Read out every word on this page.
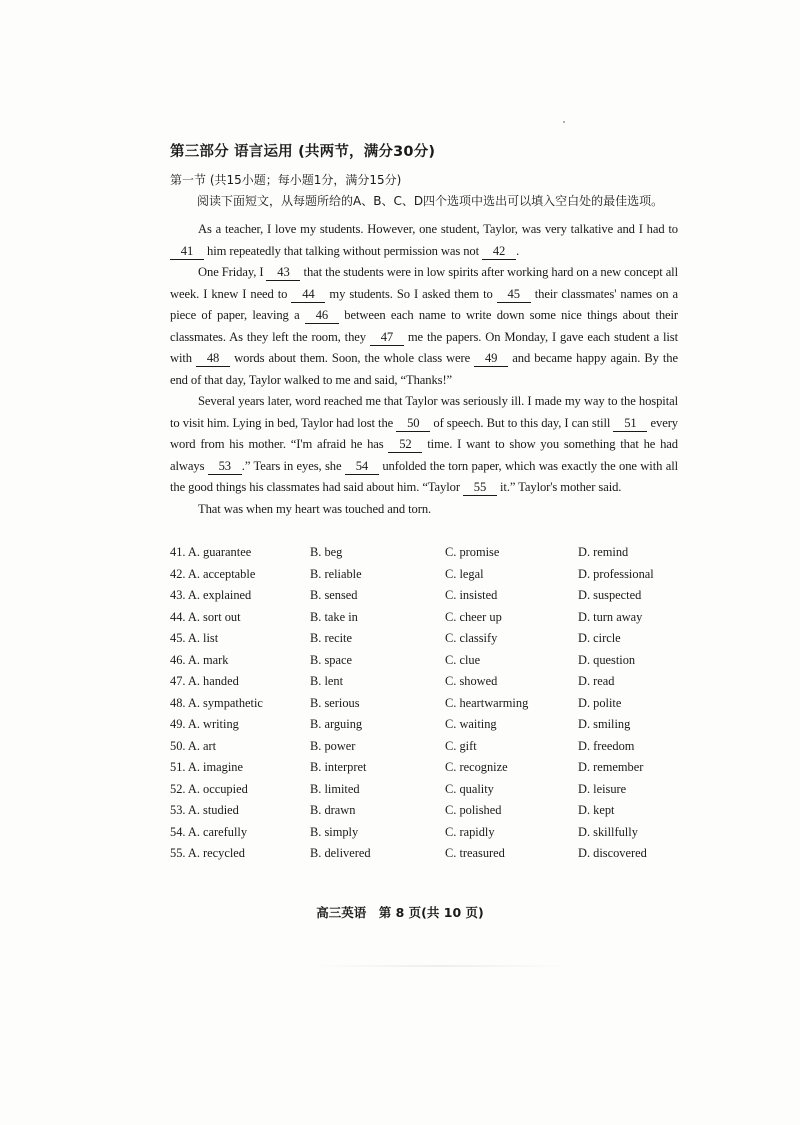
第三部分 语言运用 (共两节，满分30分)
第一节 (共15小题；每小题1分，满分15分)
阅读下面短文，从每题所给的A、B、C、D四个选项中选出可以填入空白处的最佳选项。

As a teacher, I love my students. However, one student, Taylor, was very talkative and I had to 41 him repeatedly that talking without permission was not 42 .

One Friday, I 43 that the students were in low spirits after working hard on a new concept all week. I knew I need to 44 my students. So I asked them to 45 their classmates' names on a piece of paper, leaving a 46 between each name to write down some nice things about their classmates. As they left the room, they 47 me the papers. On Monday, I gave each student a list with 48 words about them. Soon, the whole class were 49 and became happy again. By the end of that day, Taylor walked to me and said, “Thanks!”

Several years later, word reached me that Taylor was seriously ill. I made my way to the hospital to visit him. Lying in bed, Taylor had lost the 50 of speech. But to this day, I can still 51 every word from his mother. “I'm afraid he has 52 time. I want to show you something that he had always 53 .” Tears in eyes, she 54 unfolded the torn paper, which was exactly the one with all the good things his classmates had said about him. “Taylor 55 it.” Taylor's mother said.

That was when my heart was touched and torn.

41. A. guarantee	B. beg	C. promise	D. remind
42. A. acceptable	B. reliable	C. legal	D. professional
43. A. explained	B. sensed	C. insisted	D. suspected
44. A. sort out	B. take in	C. cheer up	D. turn away
45. A. list	B. recite	C. classify	D. circle
46. A. mark	B. space	C. clue	D. question
47. A. handed	B. lent	C. showed	D. read
48. A. sympathetic	B. serious	C. heartwarming	D. polite
49. A. writing	B. arguing	C. waiting	D. smiling
50. A. art	B. power	C. gift	D. freedom
51. A. imagine	B. interpret	C. recognize	D. remember
52. A. occupied	B. limited	C. quality	D. leisure
53. A. studied	B. drawn	C. polished	D. kept
54. A. carefully	B. simply	C. rapidly	D. skillfully
55. A. recycled	B. delivered	C. treasured	D. discovered
高三英语　第 8 页(共 10 页)
